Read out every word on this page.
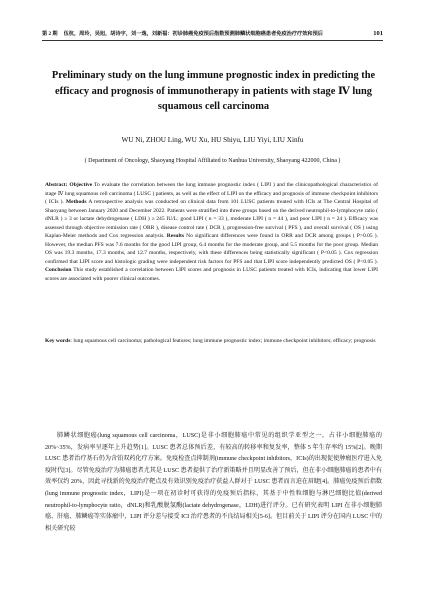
第 2 期 伍杭，周玲，吴旭，胡诗宇，刘一逸，刘新福：初诊肺癌免疫预后指数预测肺鳞状细胞癌患者免疫治疗疗效和预后	101
Preliminary study on the lung immune prognostic index in predicting the efficacy and prognosis of immunotherapy in patients with stage Ⅳ lung squamous cell carcinoma
WU Ni, ZHOU Ling, WU Xu, HU Shiyu, LIU Yiyi, LIU Xinfu
( Department of Oncology, Shaoyang Hospital Affiliated to Nanhua University, Shaoyang 422000, China )

Abstract: Objective To evaluate the correlation between the lung immune prognostic index ( LIPI ) and the clinicopathological characteristics of stage Ⅳ lung squamous cell carcinoma ( LUSC ) patients, as well as the effect of LIPI on the efficacy and prognosis of immune checkpoint inhibitors ( ICIs ). Methods A retrospective analysis was conducted on clinical data from 101 LUSC patients treated with ICIs at The Central Hospital of Shaoyang between January 2020 and December 2022. Patients were stratified into three groups based on the derived neutrophil-to-lymphocyte ratio ( dNLR ) ≥ 3 or lactate dehydrogenase ( LDH ) ≥ 245 IU/L: good LIPI ( n = 33 ), moderate LIPI ( n = 44 ), and poor LIPI ( n = 24 ). Efficacy was assessed through objective remission rate ( ORR ), disease control rate ( DCR ), progression-free survival ( PFS ), and overall survival ( OS ) using Kaplan-Meier methods and Cox regression analysis. Results No significant differences were found in ORR and DCR among groups ( P>0.05 ). However, the median PFS was 7.6 months for the good LIPI group, 6.4 months for the moderate group, and 5.5 months for the poor group. Median OS was 19.3 months, 17.3 months, and 12.7 months, respectively, with these differences being statistically significant ( P<0.05 ). Cox regression confirmed that LIPI score and histologic grading were independent risk factors for PFS and that LIPI score independently predicted OS ( P<0.05 ). Conclusion This study established a correlation between LIPI scores and prognosis in LUSC patients treated with ICIs, indicating that lower LIPI scores are associated with poorer clinical outcomes.

Key words: lung squamous cell carcinoma; pathological features; lung immune prognostic index; immune checkpoint inhibitors; efficacy; prognosis

肺鳞状细胞癌(lung squamous cell carcinoma，LUSC)是非小细胞肺癌中常见的组织学亚型之一，占非小细胞肺癌的 20%~35%，发病率呈逐年上升趋势[1]。LUSC 患者总体预后差，有较高的转移率和复发率，整体 5 年生存率约 15%[2]。晚期 LUSC 患者治疗基石仍为含铂双药化疗方案。免疫检查点抑制剂(immune checkpoint inhibitors，ICIs)的出现促使肿瘤医疗进入免疫时代[3]。尽管免疫治疗为肺癌患者尤其是 LUSC 患者提供了治疗新策略并且明显改善了预后，但在非小细胞肺癌的患者中有效率仅约 20%，因此寻找新的免疫治疗靶点及有效识别免疫治疗获益人群对于 LUSC 患者而言迫在眉睫[4]。肺癌免疫预后指数(lung immune prognostic index，LIPI)是一项在初诊时可获得的免疫预后指标，其基于中性粒细胞与淋巴细胞比值(derived neutrophil-to-lymphocyte ratio，dNLR)和乳酸脱氢酶(lactate dehydrogenase，LDH)进行评分。已有研究表明 LIPI 在非小细胞肺癌、肝癌、肺鳞癌等实体瘤中，LIPI 评分差与接受 ICI 治疗患者的不良结局相关[5-6]。但目前关于 LIPI 评分在国内 LUSC 中的相关研究较
